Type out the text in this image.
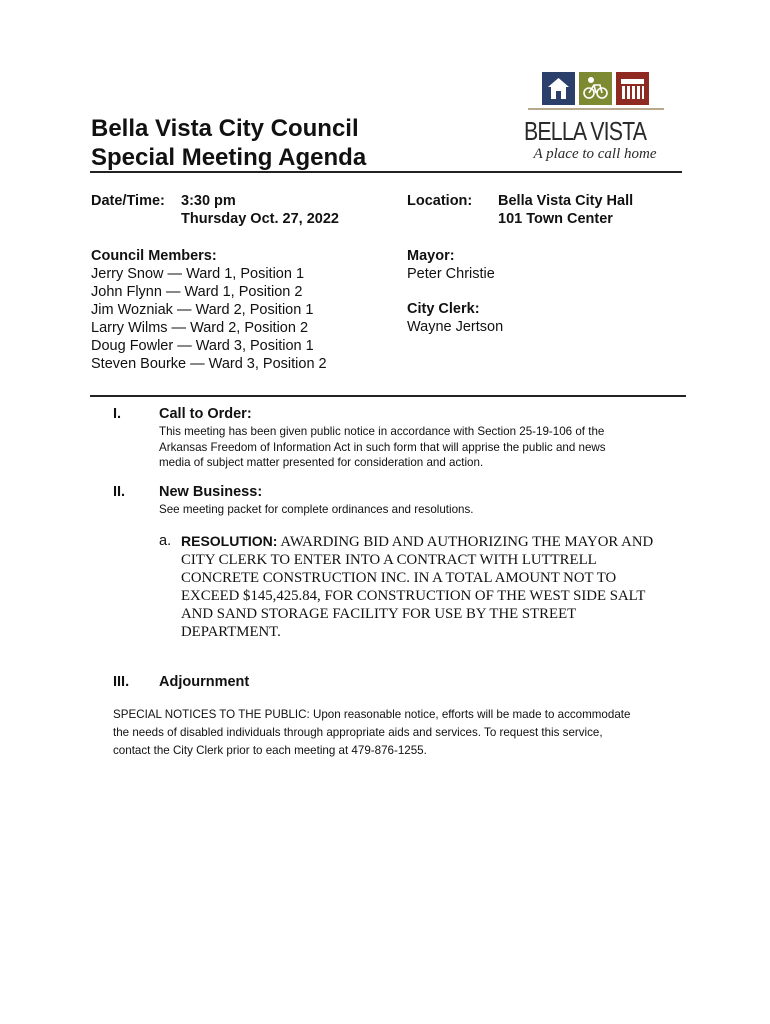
Bella Vista City Council
Special Meeting Agenda
BELLA VISTA
A place to call home
Date/Time: 3:30 pm
Thursday Oct. 27, 2022
Location: Bella Vista City Hall
101 Town Center
Council Members:
Jerry Snow — Ward 1, Position 1
John Flynn — Ward 1, Position 2
Jim Wozniak — Ward 2, Position 1
Larry Wilms — Ward 2, Position 2
Doug Fowler — Ward 3, Position 1
Steven Bourke — Ward 3, Position 2
Mayor:
Peter Christie
City Clerk:
Wayne Jertson
I.	Call to Order:
This meeting has been given public notice in accordance with Section 25-19-106 of the
Arkansas Freedom of Information Act in such form that will apprise the public and news
media of subject matter presented for consideration and action.
II. New Business:
See meeting packet for complete ordinances and resolutions.
a. RESOLUTION: AWARDING BID AND AUTHORIZING THE MAYOR AND
CITY CLERK TO ENTER INTO A CONTRACT WITH LUTTRELL
CONCRETE CONSTRUCTION INC. IN A TOTAL AMOUNT NOT TO
EXCEED $145,425.84, FOR CONSTRUCTION OF THE WEST SIDE SALT
AND SAND STORAGE FACILITY FOR USE BY THE STREET
DEPARTMENT.
III. Adjournment
SPECIAL NOTICES TO THE PUBLIC: Upon reasonable notice, efforts will be made to accommodate
the needs of disabled individuals through appropriate aids and services. To request this service,
contact the City Clerk prior to each meeting at 479-876-1255.
